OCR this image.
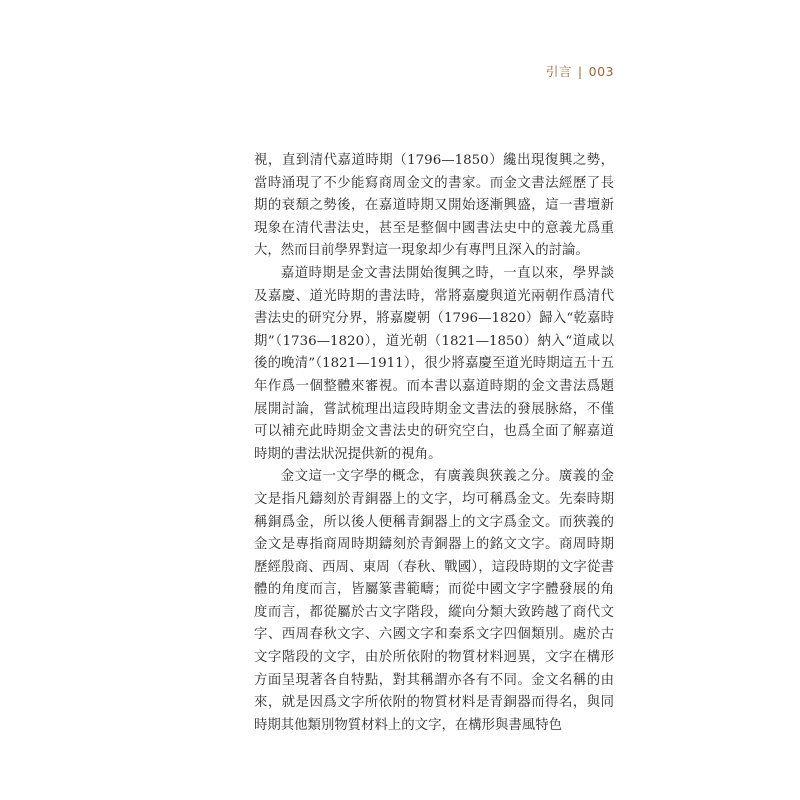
引言 | 003

視，直到清代嘉道時期（1796—1850）纔出現復興之勢，當時涌現了不少能寫商周金文的書家。而金文書法經歷了長期的衰頹之勢後，在嘉道時期又開始逐漸興盛，這一書壇新現象在清代書法史，甚至是整個中國書法史中的意義尤爲重大，然而目前學界對這一現象却少有專門且深入的討論。

嘉道時期是金文書法開始復興之時，一直以來，學界談及嘉慶、道光時期的書法時，常將嘉慶與道光兩朝作爲清代書法史的研究分界，將嘉慶朝（1796—1820）歸入“乾嘉時期”（1736—1820），道光朝（1821—1850）納入“道咸以後的晚清”（1821—1911），很少將嘉慶至道光時期這五十五年作爲一個整體來審視。而本書以嘉道時期的金文書法爲題展開討論，嘗試梳理出這段時期金文書法的發展脉絡，不僅可以補充此時期金文書法史的研究空白，也爲全面了解嘉道時期的書法狀況提供新的視角。

金文這一文字學的概念，有廣義與狹義之分。廣義的金文是指凡鑄刻於青銅器上的文字，均可稱爲金文。先秦時期稱銅爲金，所以後人便稱青銅器上的文字爲金文。而狹義的金文是專指商周時期鑄刻於青銅器上的銘文文字。商周時期歷經殷商、西周、東周（春秋、戰國），這段時期的文字從書體的角度而言，皆屬篆書範疇；而從中國文字字體發展的角度而言，都從屬於古文字階段，縱向分類大致跨越了商代文字、西周春秋文字、六國文字和秦系文字四個類別。處於古文字階段的文字，由於所依附的物質材料迥異，文字在構形方面呈現著各自特點，對其稱謂亦各有不同。金文名稱的由來，就是因爲文字所依附的物質材料是青銅器而得名，與同時期其他類別物質材料上的文字，在構形與書風特色
